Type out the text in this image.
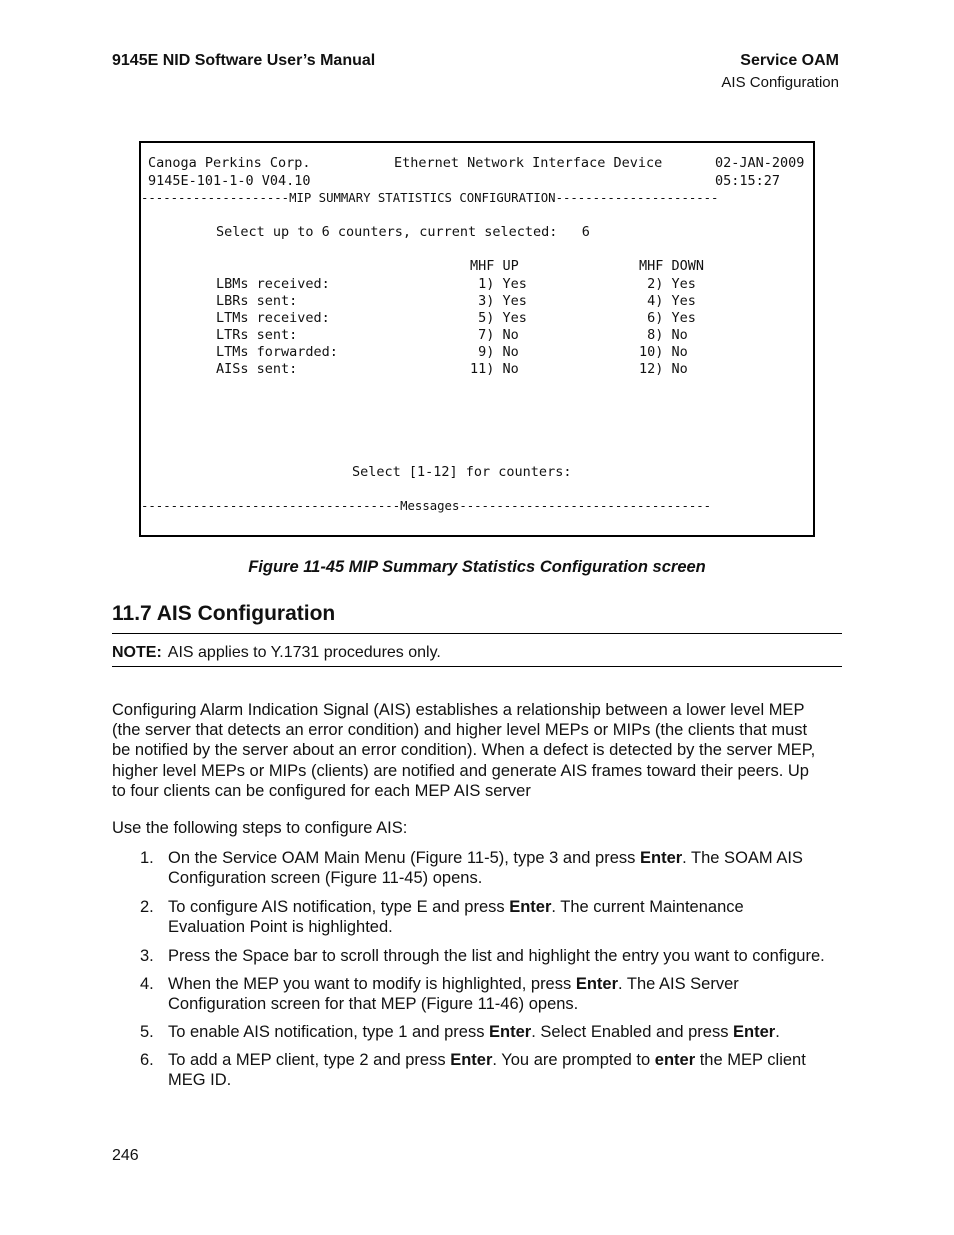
9145E NID Software User’s Manual	Service OAM
AIS Configuration
Canoga Perkins Corp.	Ethernet Network Interface Device	02-JAN-2009
9145E-101-1-0 V04.10	05:15:27
--------------------MIP SUMMARY STATISTICS CONFIGURATION----------------------
Select up to 6 counters, current selected:   6
MHF UP	MHF DOWN
LBMs received:	1) Yes	2) Yes
LBRs sent:	3) Yes	4) Yes
LTMs received:	5) Yes	6) Yes
LTRs sent:	7) No	8) No
LTMs forwarded:	9) No	10) No
AISs sent:	11) No	12) No
Select [1-12] for counters:
-----------------------------------Messages----------------------------------
Figure 11-45 MIP Summary Statistics Configuration screen
11.7 AIS Configuration
NOTE: AIS applies to Y.1731 procedures only.
Configuring Alarm Indication Signal (AIS) establishes a relationship between a lower level MEP
(the server that detects an error condition) and higher level MEPs or MIPs (the clients that must
be notified by the server about an error condition). When a defect is detected by the server MEP,
higher level MEPs or MIPs (clients) are notified and generate AIS frames toward their peers. Up
to four clients can be configured for each MEP AIS server
Use the following steps to configure AIS:
1. On the Service OAM Main Menu (Figure 11-5), type 3 and press Enter. The SOAM AIS
Configuration screen (Figure 11-45) opens.
2. To configure AIS notification, type E and press Enter. The current Maintenance
Evaluation Point is highlighted.
3. Press the Space bar to scroll through the list and highlight the entry you want to configure.
4. When the MEP you want to modify is highlighted, press Enter. The AIS Server
Configuration screen for that MEP (Figure 11-46) opens.
5. To enable AIS notification, type 1 and press Enter. Select Enabled and press Enter.
6. To add a MEP client, type 2 and press Enter. You are prompted to enter the MEP client
MEG ID.
246
